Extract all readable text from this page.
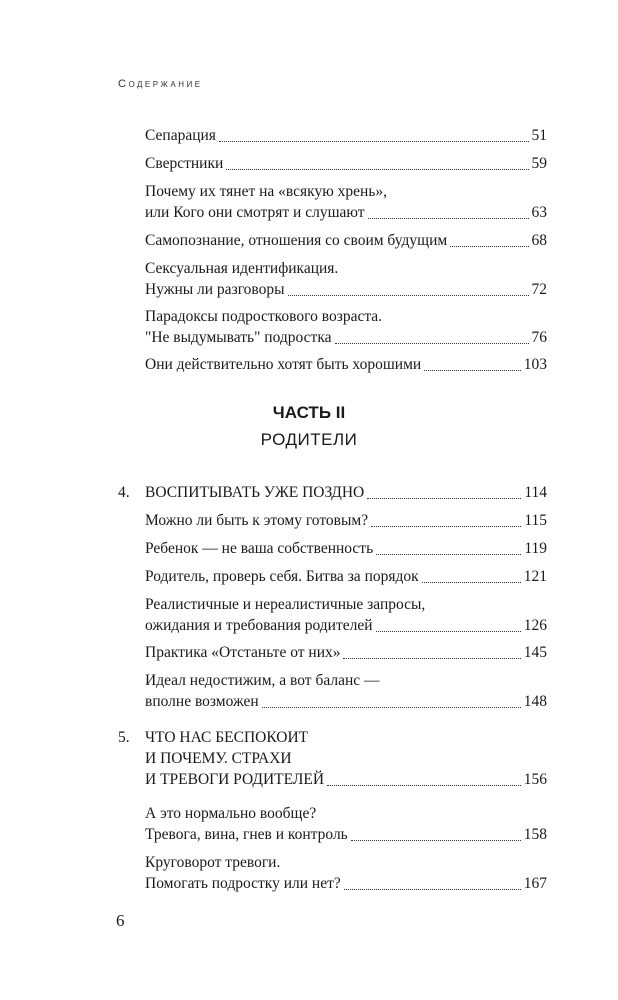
Содержание
Сепарация	51
Сверстники	59
Почему их тянет на «всякую хрень»,
или Кого они смотрят и слушают	63
Самопознание, отношения со своим будущим	68
Сексуальная идентификация.
Нужны ли разговоры	72
Парадоксы подросткового возраста.
"Не выдумывать" подростка	76
Они действительно хотят быть хорошими	103
ЧАСТЬ II
РОДИТЕЛИ
4. ВОСПИТЫВАТЬ УЖЕ ПОЗДНО	114
Можно ли быть к этому готовым?	115
Ребенок — не ваша собственность	119
Родитель, проверь себя. Битва за порядок	121
Реалистичные и нереалистичные запросы,
ожидания и требования родителей	126
Практика «Отстаньте от них»	145
Идеал недостижим, а вот баланс —
вполне возможен	148
5. ЧТО НАС БЕСПОКОИТ
И ПОЧЕМУ. СТРАХИ
И ТРЕВОГИ РОДИТЕЛЕЙ	156
А это нормально вообще?
Тревога, вина, гнев и контроль	158
Круговорот тревоги.
Помогать подростку или нет?	167
6
